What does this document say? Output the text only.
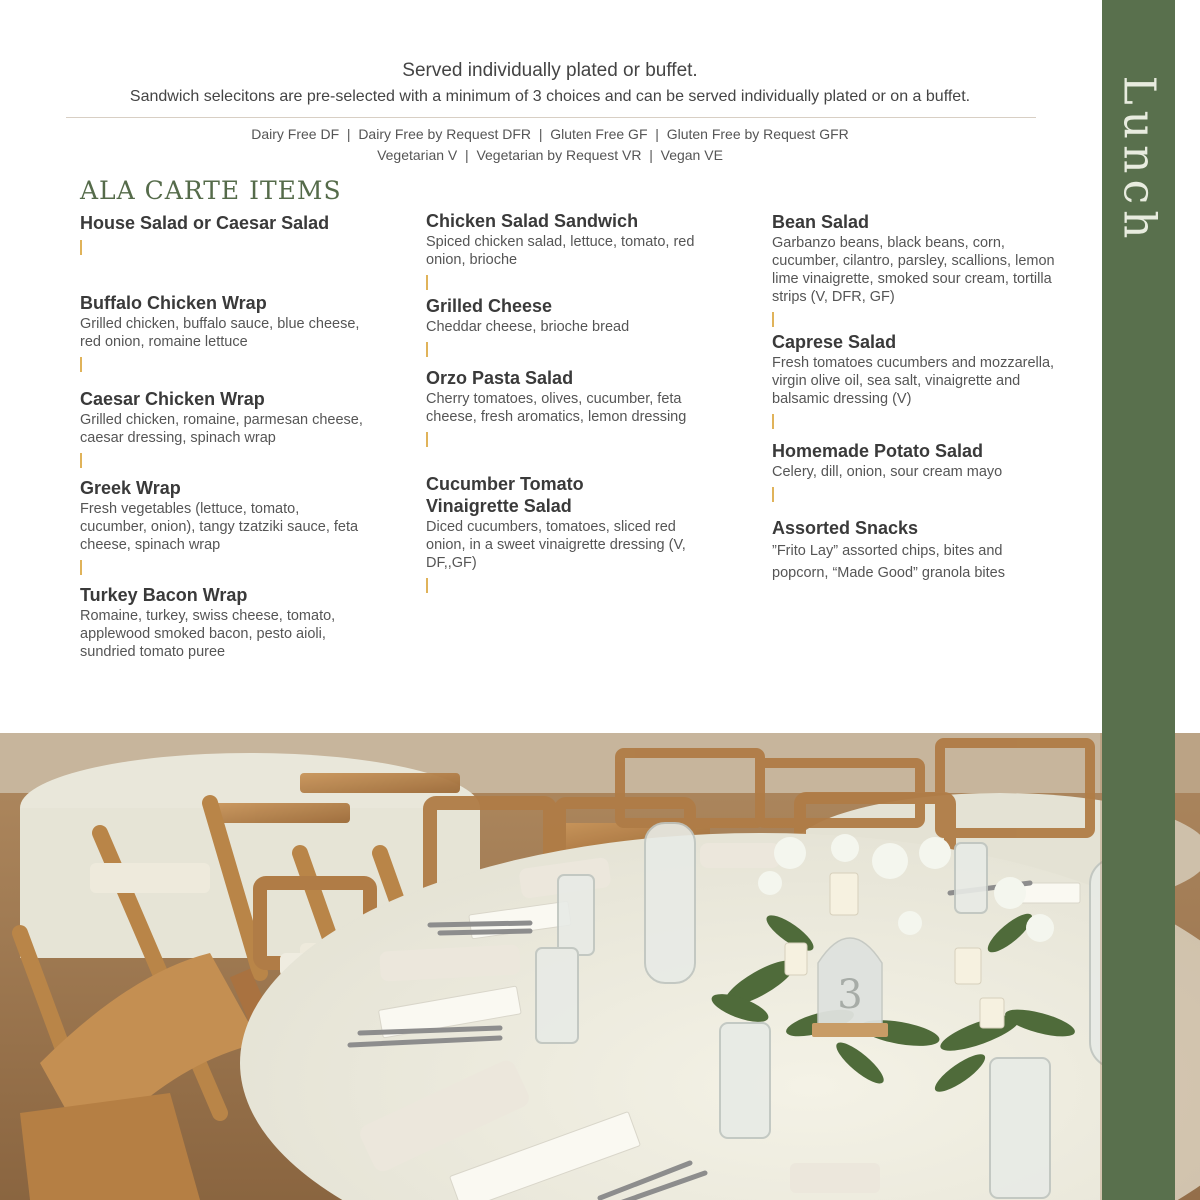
Served individually plated or buffet.
Sandwich selecitons are pre-selected with a minimum of 3 choices and can be served individually plated or on a buffet.
Dairy Free DF  |  Dairy Free by Request DFR  |  Gluten Free GF  |  Gluten Free by Request GFR
Vegetarian V  |  Vegetarian by Request VR  |  Vegan VE
ALA CARTE ITEMS
House Salad or Caesar Salad
Buffalo Chicken Wrap
Grilled chicken, buffalo sauce, blue cheese, red onion, romaine lettuce
Caesar Chicken Wrap
Grilled chicken, romaine, parmesan cheese, caesar dressing, spinach wrap
Greek Wrap
Fresh vegetables (lettuce, tomato, cucumber, onion), tangy tzatziki sauce, feta cheese, spinach wrap
Turkey Bacon Wrap
Romaine, turkey, swiss cheese, tomato, applewood smoked bacon, pesto aioli, sundried tomato puree
Chicken Salad Sandwich
Spiced chicken salad, lettuce, tomato, red onion, brioche
Grilled Cheese
Cheddar cheese, brioche bread
Orzo Pasta Salad
Cherry tomatoes, olives, cucumber, feta cheese, fresh aromatics, lemon dressing
Cucumber Tomato Vinaigrette Salad
Diced cucumbers, tomatoes, sliced red onion, in a sweet vinaigrette dressing (V, DF,,GF)
Bean Salad
Garbanzo beans, black beans, corn, cucumber, cilantro, parsley, scallions, lemon lime vinaigrette, smoked sour cream, tortilla strips (V, DFR, GF)
Caprese Salad
Fresh tomatoes cucumbers and mozzarella, virgin olive oil, sea salt, vinaigrette and balsamic dressing (V)
Homemade Potato Salad
Celery, dill, onion, sour cream mayo
Assorted Snacks
”Frito Lay” assorted chips, bites and popcorn, “Made Good” granola bites
3
Lunch
